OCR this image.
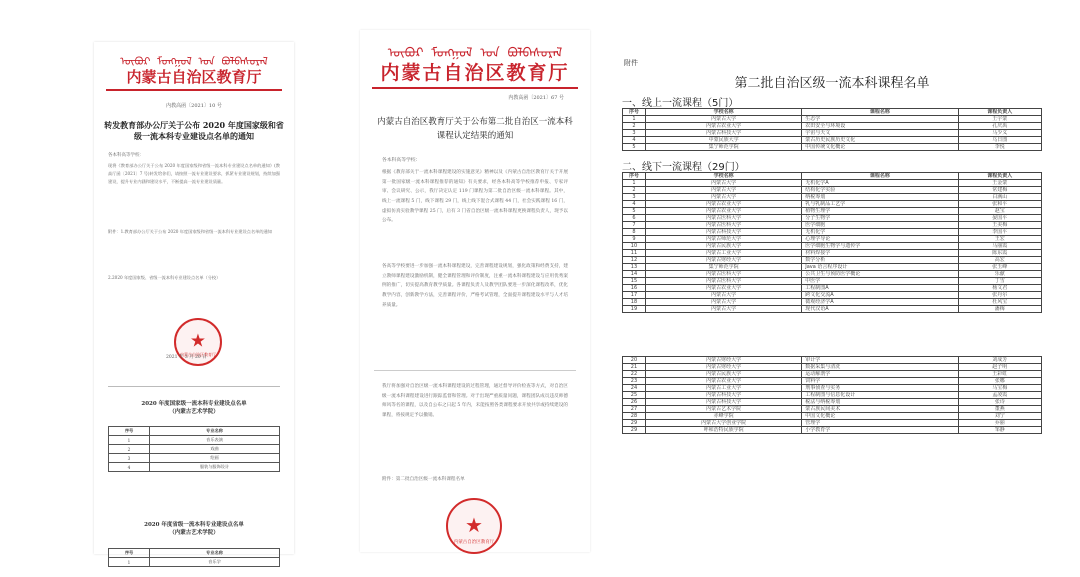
ᠥᠪᠥᠷ ᠮᠣᠩᠭᠣᠯ ᠤᠨ ᠪᠣᠯᠪᠠᠰᠤᠷᠠᠯ
内蒙古自治区教育厅
内教高函〔2021〕10 号
转发教育部办公厅关于公布 2020 年度国家级和省级一流本科专业建设点名单的通知
各本科高等学校：
现将《教育部办公厅关于公布 2020 年度国家级和省级一流本科专业建设点名单的通知》(教高厅函〔2021〕7 号)转发给你们，请按照一流专业建设要求，抓紧专业建设规划，持续加强建设，提升专业内涵和建设水平，不断提高一流专业建设质量。
附件：1.教育部办公厅关于公布 2020 年度国家级和省级一流本科专业建设点名单的通知
2.2020 年度国家级、省级一流本科专业建设点名单（分校）
★
内蒙古自治区教育厅
2021 年 3 月 20 日
2020 年度国家级一流本科专业建设点名单
（内蒙古艺术学院）
序号	专业名称
1	音乐表演
2	戏曲
3	绘画
4	服装与服饰设计
2020 年度省级一流本科专业建设点名单
（内蒙古艺术学院）
序号	专业名称
1	音乐学
ᠥᠪᠥᠷ ᠮᠣᠩᠭᠣᠯ ᠤᠨ ᠪᠣᠯᠪᠠᠰᠤᠷᠠᠯ
内蒙古自治区教育厅
内教高函〔2021〕67 号
内蒙古自治区教育厅关于公布第二批自治区一流本科课程认定结果的通知
各本科高等学校：
根据《教育部关于一流本科课程建设的实施意见》精神以及《内蒙古自治区教育厅关于开展第一批国家级一流本科课程推荐的通知》有关要求，经各本科高等学校推荐申报、专家评审、会议研究、公示，我厅决定认定 119 门课程为第二批自治区级一流本科课程。其中，线上一流课程 5 门，线下课程 29 门，线上线下混合式课程 44 门，社会实践课程 16 门，虚拟仿真实验教学课程 25 门，后有 3 门省自治区级一流本科课程更换课程负责人，现予以公布。
各高等学校要进一步加强一流本科课程建设，完善课程建设规划，强化政策和经费支持，建立教师课程建设激励机制，健全课程管理和评价制度，注重一流本科课程建设与应用优秀案例的推广，切实提高教育教学质量。各课程负责人及教学团队要进一步深化课程改革，优化教学内容，创新教学方法，完善课程评价，严格考试管理，全面提升课程建设水平与人才培养质量。
我厅将加强对自治区级一流本科课程建设的过程管理，通过督导评价检查等方式，对自治区级一流本科课程建设进行跟踪监督和管理。对于出现严重质量问题，课程团队成员违反师德师风等名的课程，以及自公布之日起 5 年内，未能按照各类课程要求开放共享或持续建设的课程，将按规定予以撤销。
附件：第二批自治区级一流本科课程名单
★
内蒙古自治区教育厅
附件
第二批自治区级一流本科课程名单
一、线上一流课程（5门）
序号	学校名称	课程名称	课程负责人
1	内蒙古大学	生态学	王宇蒙
2	内蒙古农业大学	农田安全与环境设	孔庆禹
3	内蒙古科技大学	宇宙与天文	马少义
4	中蒙民族大学	蒙古历史民族历史文化	乌日图
5	集宁师范学院	中国传统文化概论	李悦
二、线下一流课程（29门）
序号	学校名称	课程名称	课程负责人
1	内蒙古大学	无机化学A	王金蒙
2	内蒙古大学	结构化学实验	常建梅
3	内蒙古大学	纳税筹划	白满山
4	内蒙古农业大学	乳与乳制品工艺学	张和平
5	内蒙古农业大学	植物生理学	赵宝
6	内蒙古医科大学	分子生物学	晏国平
7	内蒙古医科大学	医学细胞	王美梅
8	内蒙古科技大学	无机化学	李国平
9	内蒙古师范大学	心理学导论	王宏
10	内蒙古民族大学	医学细胞生物学与遗传学	马丽霞
11	内蒙古工业大学	材料焊接学	陈东霞
12	内蒙古财经大学	数学分析	高宏
13	集宁师范学院	Java 语言程序设计	张玉峰
14	内蒙古医科大学	公共卫生与预防医学概论	乐献
15	内蒙古医科大学	中医学	丁雪
16	内蒙古农业大学	工程制图A	杨文君
17	内蒙古大学	跨文化交流A	张丹尔
18	内蒙古大学	微观经济学A	杜风宝
19	内蒙古大学	现代汉语A	潘梅
20	内蒙古财经大学	审计学	刘成芳
21	内蒙古财经大学	数据采集与清洗	赵子明
22	内蒙古民族大学	运动解剖学	王彩虹
23	内蒙古农业大学	饲料学	张娜
24	内蒙古工业大学	刑事侦查与实务	马宝梅
25	内蒙古科技大学	工程制图与信息化设计	孟凌霞
26	内蒙古科技大学	税法与纳税筹划	张诗
27	内蒙古艺术学院	蒙古族民间美术	董燕
28	赤峰学院	中国文化概论	刘宁
29	内蒙古大学创业学院	管理学	乔丽
29	呼和浩特民族学院	小学教育学	邹静
